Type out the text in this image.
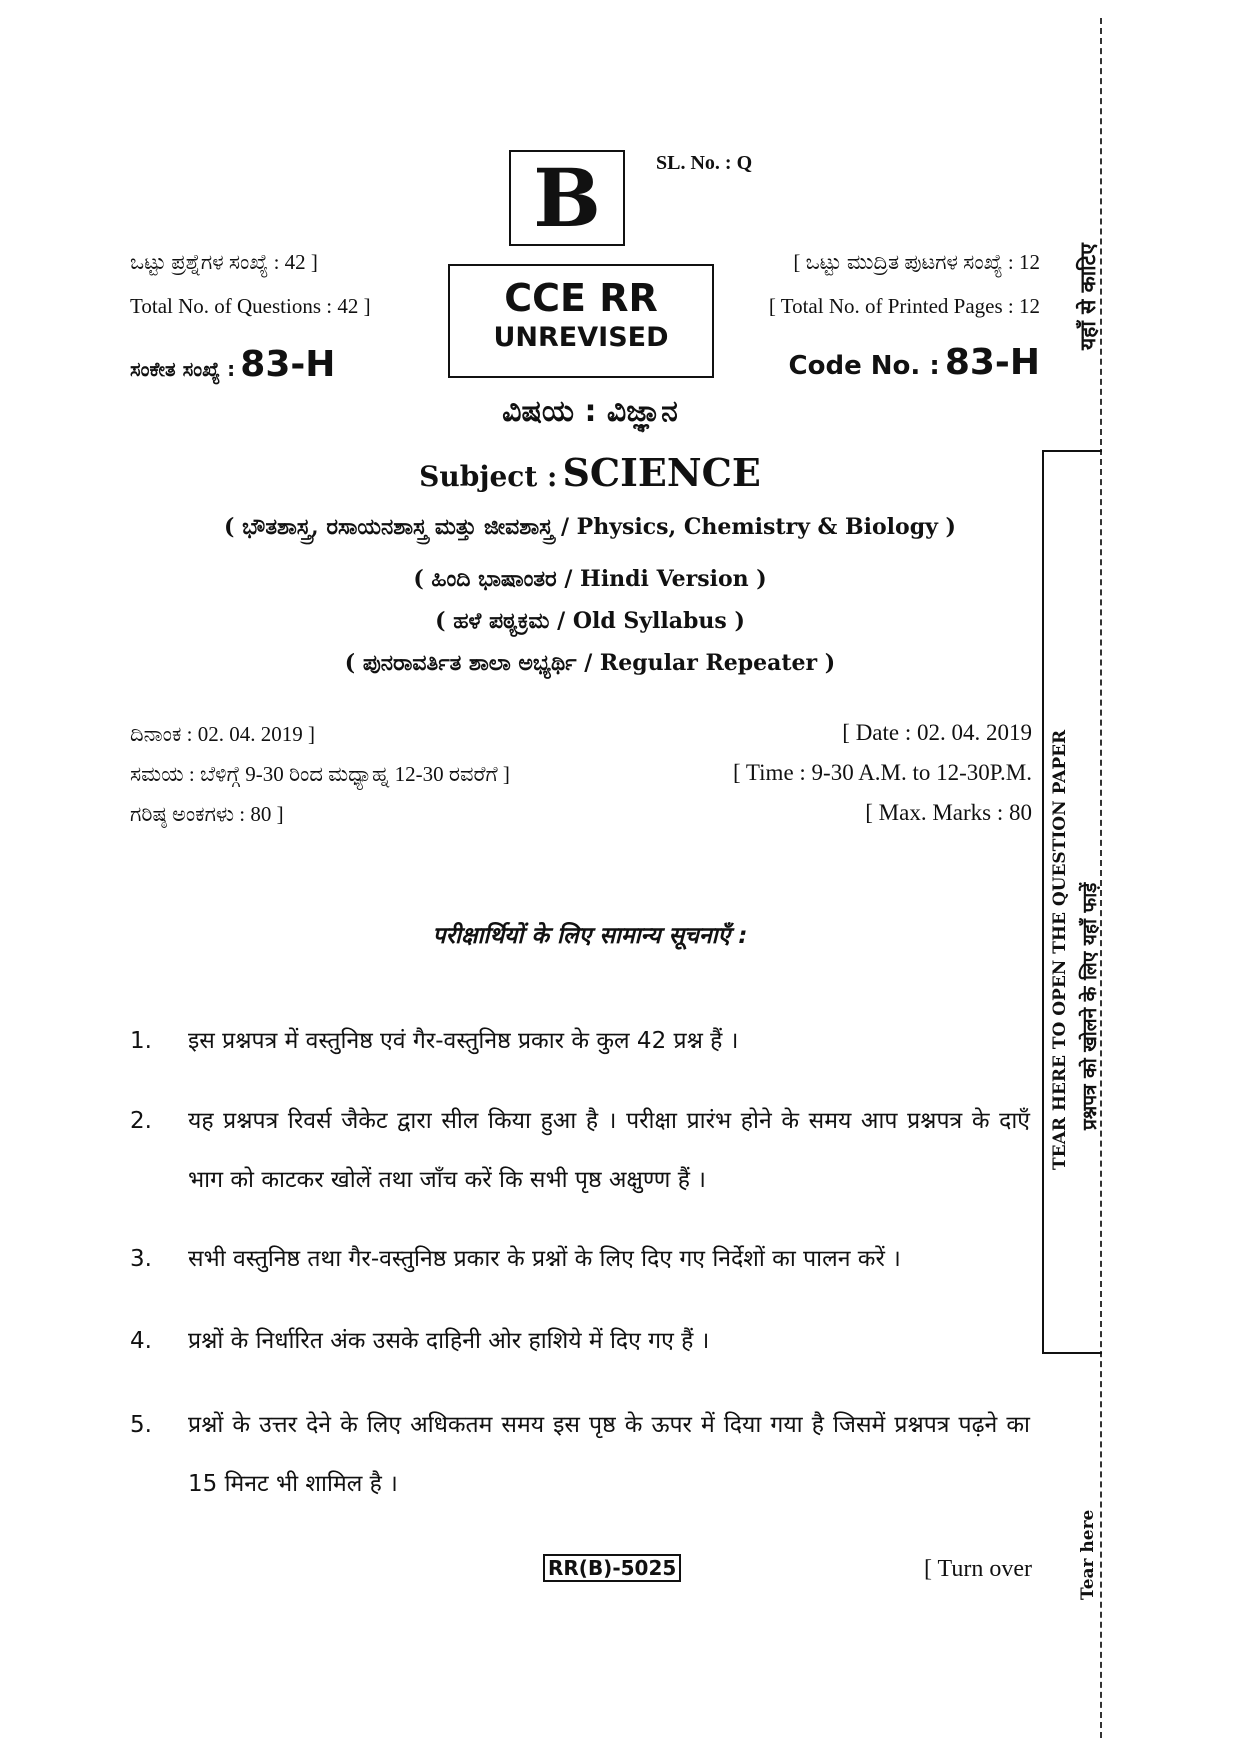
B	SL. No. : Q
ಒಟ್ಟು ಪ್ರಶ್ನೆಗಳ ಸಂಖ್ಯೆ : 42 ]
Total No. of Questions : 42 ]
ಸಂಕೇತ ಸಂಖ್ಯೆ : 83-H
CCE RR
UNREVISED
[ ಒಟ್ಟು ಮುದ್ರಿತ ಪುಟಗಳ ಸಂಖ್ಯೆ : 12
[ Total No. of Printed Pages : 12
Code No. : 83-H
ವಿಷಯ : ವಿಜ್ಞಾನ
Subject : SCIENCE
( ಭೌತಶಾಸ್ತ್ರ, ರಸಾಯನಶಾಸ್ತ್ರ ಮತ್ತು ಜೀವಶಾಸ್ತ್ರ / Physics, Chemistry & Biology )
( ಹಿಂದಿ ಭಾಷಾಂತರ / Hindi Version )
( ಹಳೆ ಪಠ್ಯಕ್ರಮ / Old Syllabus )
( ಪುನರಾವರ್ತಿತ ಶಾಲಾ ಅಭ್ಯರ್ಥಿ / Regular Repeater )
ದಿನಾಂಕ : 02. 04. 2019 ]
ಸಮಯ : ಬೆಳಿಗ್ಗೆ 9-30 ರಿಂದ ಮಧ್ಯಾಹ್ನ 12-30 ರವರೆಗೆ ]
ಗರಿಷ್ಠ ಅಂಕಗಳು : 80 ]
[ Date : 02. 04. 2019
[ Time : 9-30 A.M. to 12-30P.M.
[ Max. Marks : 80
परीक्षार्थियों के लिए सामान्य सूचनाएँ :
1. इस प्रश्नपत्र में वस्तुनिष्ठ एवं गैर-वस्तुनिष्ठ प्रकार के कुल 42 प्रश्न हैं ।
2. यह प्रश्नपत्र रिवर्स जैकेट द्वारा सील किया हुआ है । परीक्षा प्रारंभ होने के समय आप प्रश्नपत्र के दाएँ भाग को काटकर खोलें तथा जाँच करें कि सभी पृष्ठ अक्षुण्ण हैं ।
3. सभी वस्तुनिष्ठ तथा गैर-वस्तुनिष्ठ प्रकार के प्रश्नों के लिए दिए गए निर्देशों का पालन करें ।
4. प्रश्नों के निर्धारित अंक उसके दाहिनी ओर हाशिये में दिए गए हैं ।
5. प्रश्नों के उत्तर देने के लिए अधिकतम समय इस पृष्ठ के ऊपर में दिया गया है जिसमें प्रश्नपत्र पढ़ने का 15 मिनट भी शामिल है ।
RR(B)-5025	[ Turn over
यहाँ से काटिए
TEAR HERE TO OPEN THE QUESTION PAPER प्रश्नपत्र को खोलने के लिए यहाँ फाड़ें
Tear here
